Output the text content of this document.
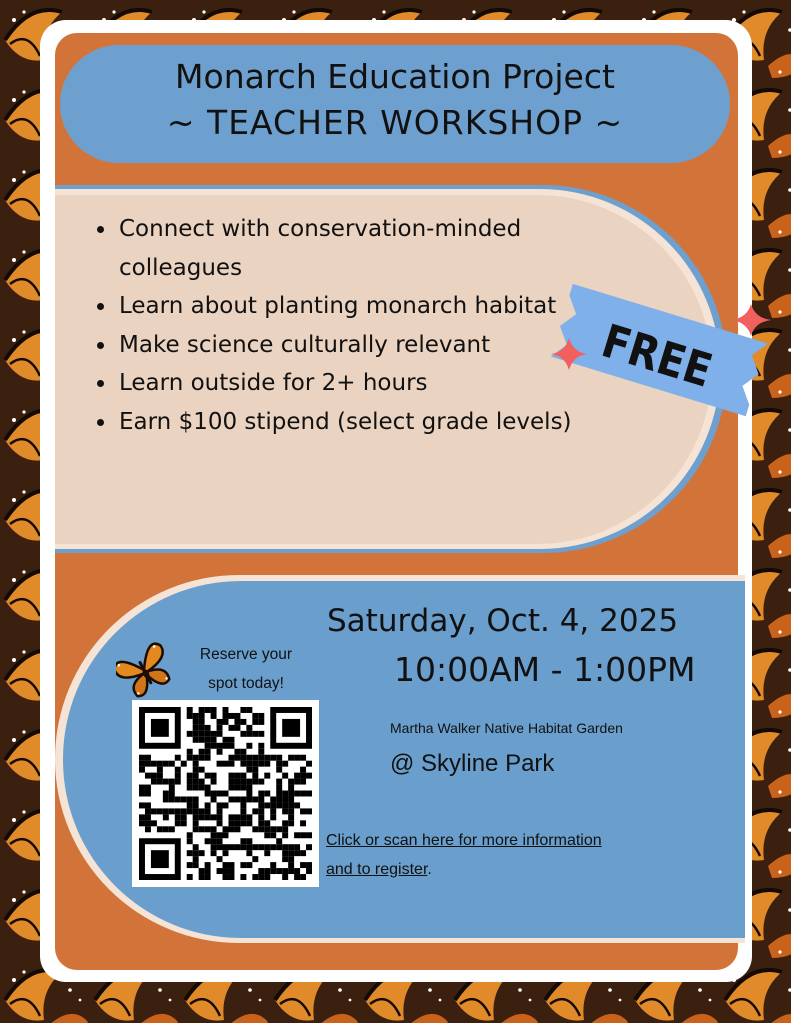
Monarch Education Project
~ TEACHER WORKSHOP ~
• Connect with conservation-minded colleagues
• Learn about planting monarch habitat
• Make science culturally relevant
• Learn outside for 2+ hours
• Earn $100 stipend (select grade levels)
FREE
Saturday, Oct. 4, 2025
10:00AM - 1:00PM
Martha Walker Native Habitat Garden
@ Skyline Park
Reserve your
spot today!
Click or scan here for more information
and to register.
